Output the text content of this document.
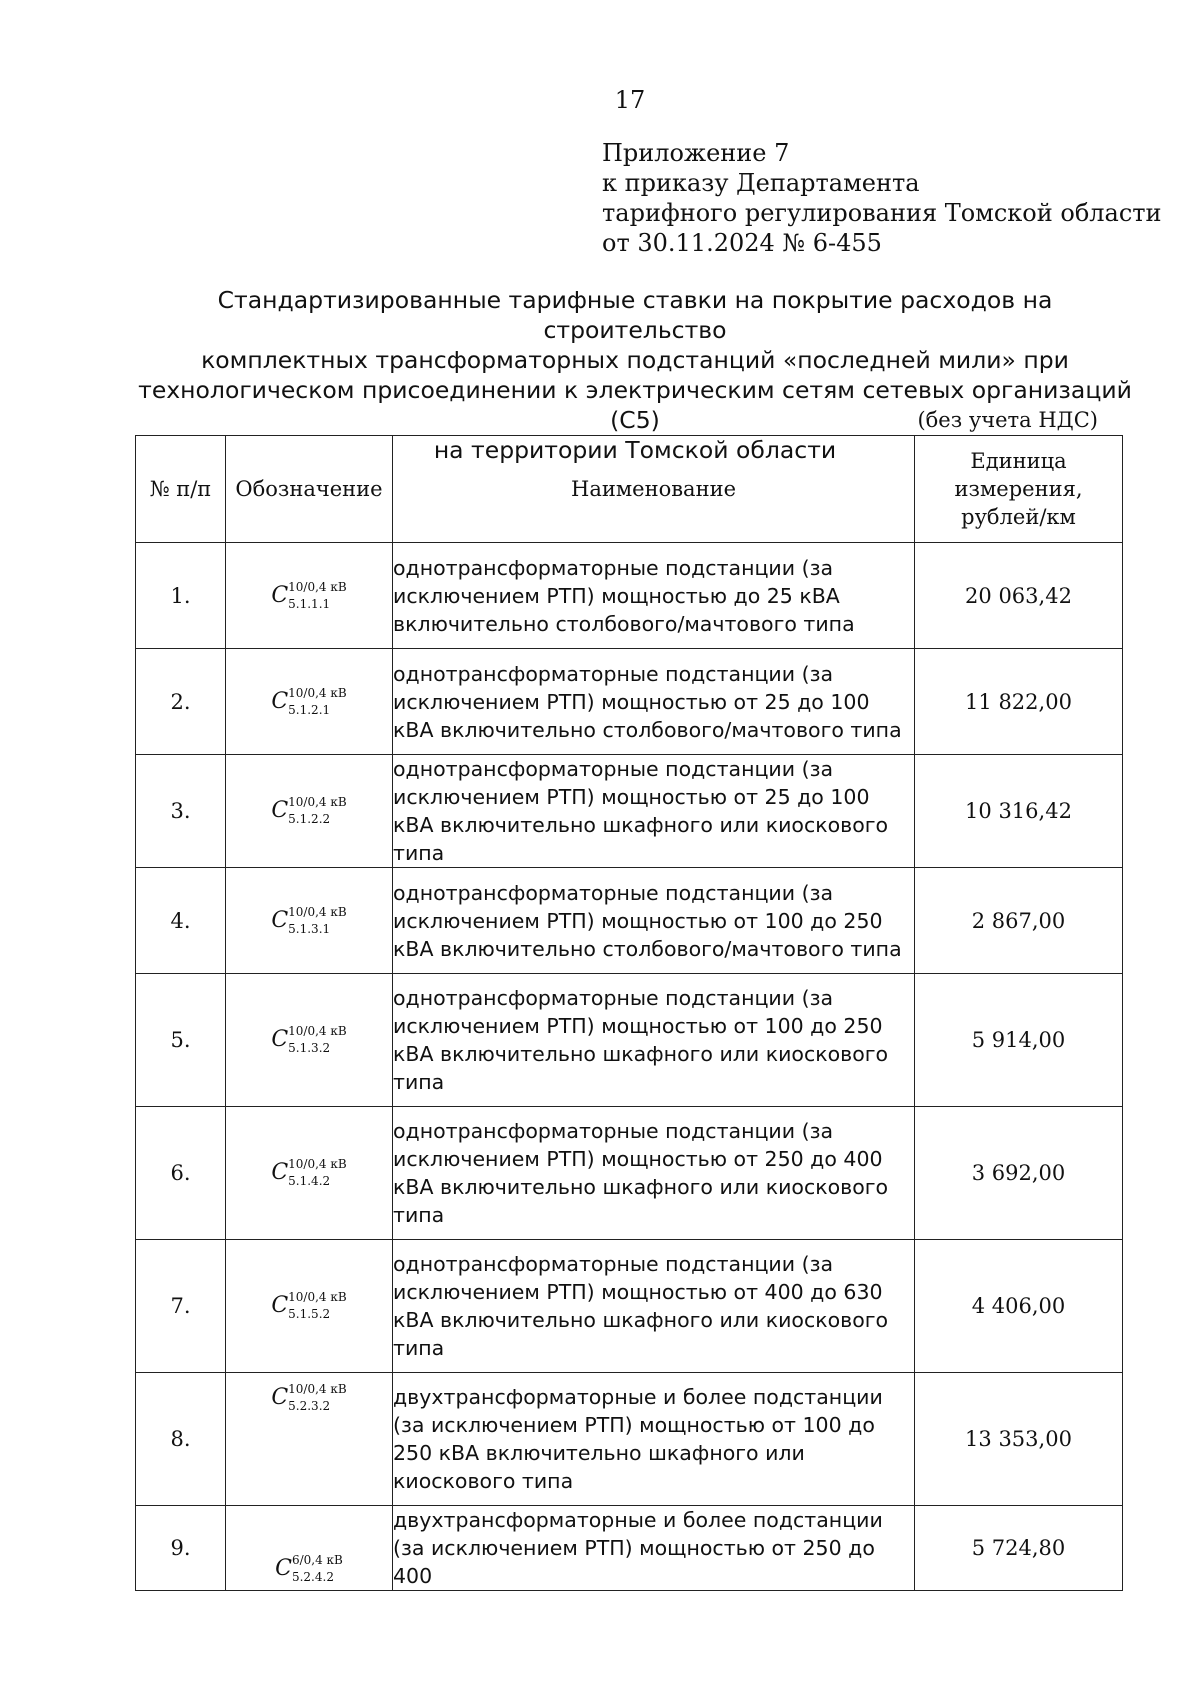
17
Приложение 7
к приказу Департамента
тарифного регулирования Томской области
от 30.11.2024 № 6-455
Стандартизированные тарифные ставки на покрытие расходов на строительство
комплектных трансформаторных подстанций «последней мили» при
технологическом присоединении к электрическим сетям сетевых организаций (С5)
на территории Томской области
(без учета НДС)
№ п/п	Обозначение	Наименование	Единица
измерения,
рублей/км

1.	C 10/0,4 кВ
5.1.1.1	однотрансформаторные подстанции (за исключением РТП) мощностью до 25 кВА включительно столбового/мачтового типа	20 063,42
2.	C 10/0,4 кВ
5.1.2.1	однотрансформаторные подстанции (за исключением РТП) мощностью от 25 до 100 кВА включительно столбового/мачтового типа	11 822,00
3.	C 10/0,4 кВ
5.1.2.2	однотрансформаторные подстанции (за исключением РТП) мощностью от 25 до 100 кВА включительно шкафного или киоскового типа	10 316,42
4.	C 10/0,4 кВ
5.1.3.1	однотрансформаторные подстанции (за исключением РТП) мощностью от 100 до 250 кВА включительно столбового/мачтового типа	2 867,00
5.	C 10/0,4 кВ
5.1.3.2	однотрансформаторные подстанции (за исключением РТП) мощностью от 100 до 250 кВА включительно шкафного или киоскового типа	5 914,00
6.	C 10/0,4 кВ
5.1.4.2	однотрансформаторные подстанции (за исключением РТП) мощностью от 250 до 400 кВА включительно шкафного или киоскового типа	3 692,00
7.	C 10/0,4 кВ
5.1.5.2	однотрансформаторные подстанции (за исключением РТП) мощностью от 400 до 630 кВА включительно шкафного или киоскового типа	4 406,00
8.	C 10/0,4 кВ
5.2.3.2	двухтрансформаторные и более подстанции (за исключением РТП) мощностью от 100 до 250 кВА включительно шкафного или киоскового типа	13 353,00
9.	C 6/0,4 кВ
5.2.4.2	двухтрансформаторные и более подстанции (за исключением РТП) мощностью от 250 до 400	5 724,80
